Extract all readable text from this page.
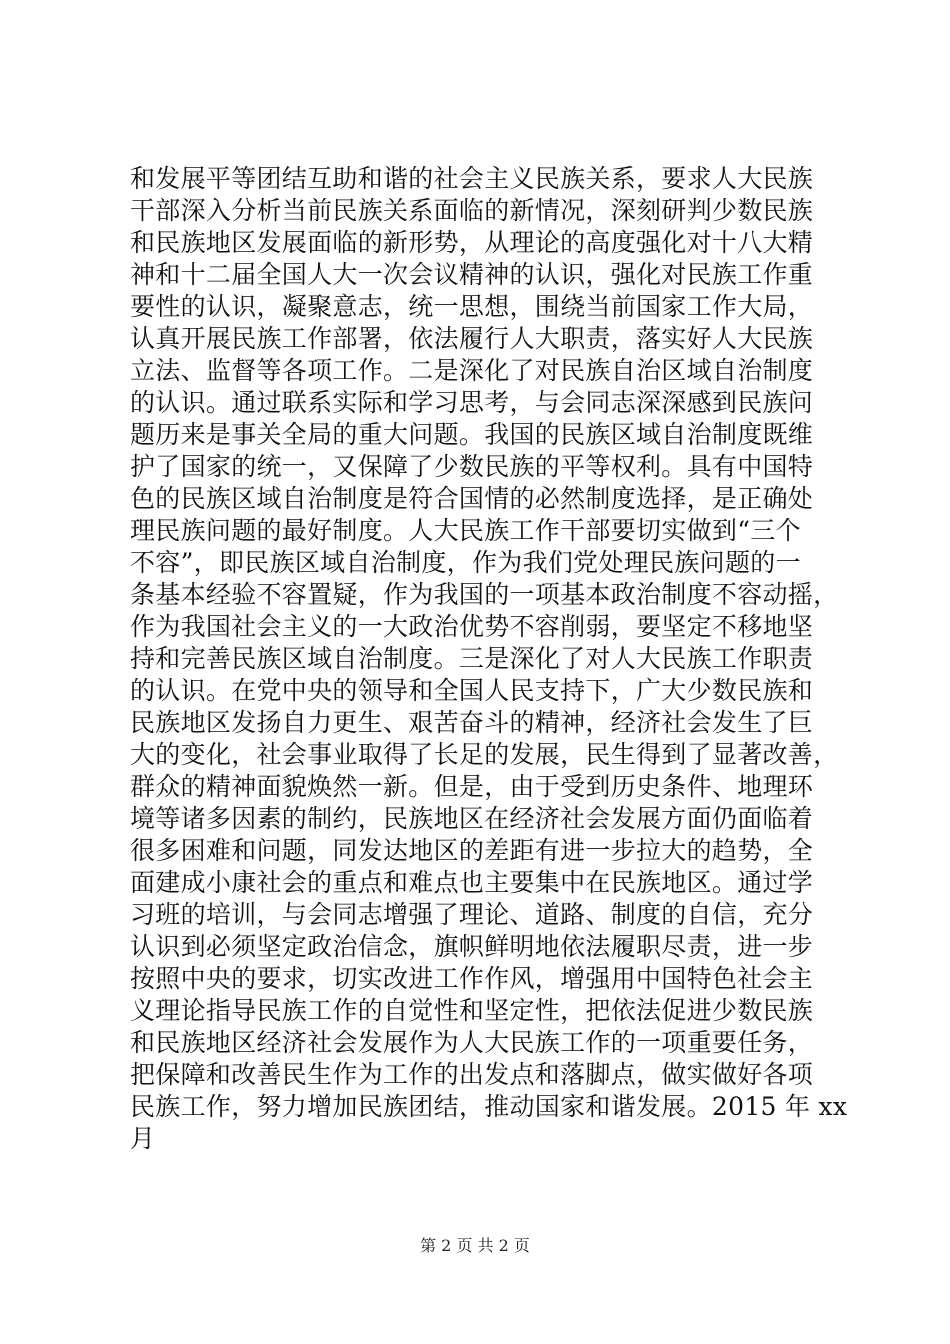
和发展平等团结互助和谐的社会主义民族关系，要求人大民族
干部深入分析当前民族关系面临的新情况，深刻研判少数民族
和民族地区发展面临的新形势，从理论的高度强化对十八大精
神和十二届全国人大一次会议精神的认识，强化对民族工作重
要性的认识，凝聚意志，统一思想，围绕当前国家工作大局，
认真开展民族工作部署，依法履行人大职责，落实好人大民族
立法、监督等各项工作。二是深化了对民族自治区域自治制度
的认识。通过联系实际和学习思考，与会同志深深感到民族问
题历来是事关全局的重大问题。我国的民族区域自治制度既维
护了国家的统一，又保障了少数民族的平等权利。具有中国特
色的民族区域自治制度是符合国情的必然制度选择，是正确处
理民族问题的最好制度。人大民族工作干部要切实做到“三个
不容”，即民族区域自治制度，作为我们党处理民族问题的一
条基本经验不容置疑，作为我国的一项基本政治制度不容动摇，
作为我国社会主义的一大政治优势不容削弱，要坚定不移地坚
持和完善民族区域自治制度。三是深化了对人大民族工作职责
的认识。在党中央的领导和全国人民支持下，广大少数民族和
民族地区发扬自力更生、艰苦奋斗的精神，经济社会发生了巨
大的变化，社会事业取得了长足的发展，民生得到了显著改善，
群众的精神面貌焕然一新。但是，由于受到历史条件、地理环
境等诸多因素的制约，民族地区在经济社会发展方面仍面临着
很多困难和问题，同发达地区的差距有进一步拉大的趋势，全
面建成小康社会的重点和难点也主要集中在民族地区。通过学
习班的培训，与会同志增强了理论、道路、制度的自信，充分
认识到必须坚定政治信念，旗帜鲜明地依法履职尽责，进一步
按照中央的要求，切实改进工作作风，增强用中国特色社会主
义理论指导民族工作的自觉性和坚定性，把依法促进少数民族
和民族地区经济社会发展作为人大民族工作的一项重要任务，
把保障和改善民生作为工作的出发点和落脚点，做实做好各项
民族工作，努力增加民族团结，推动国家和谐发展。2015 年 xx
月
第 2 页 共 2 页
